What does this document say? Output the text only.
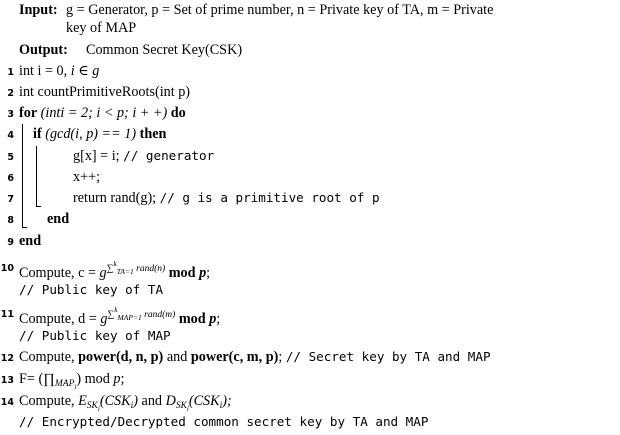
Input: g = Generator, p = Set of prime number, n = Private key of TA, m = Private
key of MAP
Output: Common Secret Key(CSK)
1 int i = 0, i ∈ g
2 int countPrimitiveRoots(int p)
3 for (inti = 2; i < p; i + +) do
4 if (gcd(i, p) == 1) then
5	g[x] = i; // generator
6	x++;
7	return rand(g); // g is a primitive root of p
8 end
9 end
10 Compute, $c = g^{\sum^k_{TA=1} rand(n)}$ mod p;
// Public key of TA
11 Compute, $d = g^{\sum^k_{MAP=1} rand(m)}$ mod p;
// Public key of MAP
12 Compute, power(d, n, p) and power(c, m, p); // Secret key by TA and MAP
13 $F= (\prod_{MAP_i})$ mod p;
14 Compute, $E_{SK_i}(CSK_i)$ and $D_{SK_i}(CSK_i)$;
// Encrypted/Decrypted common secret key by TA and MAP
